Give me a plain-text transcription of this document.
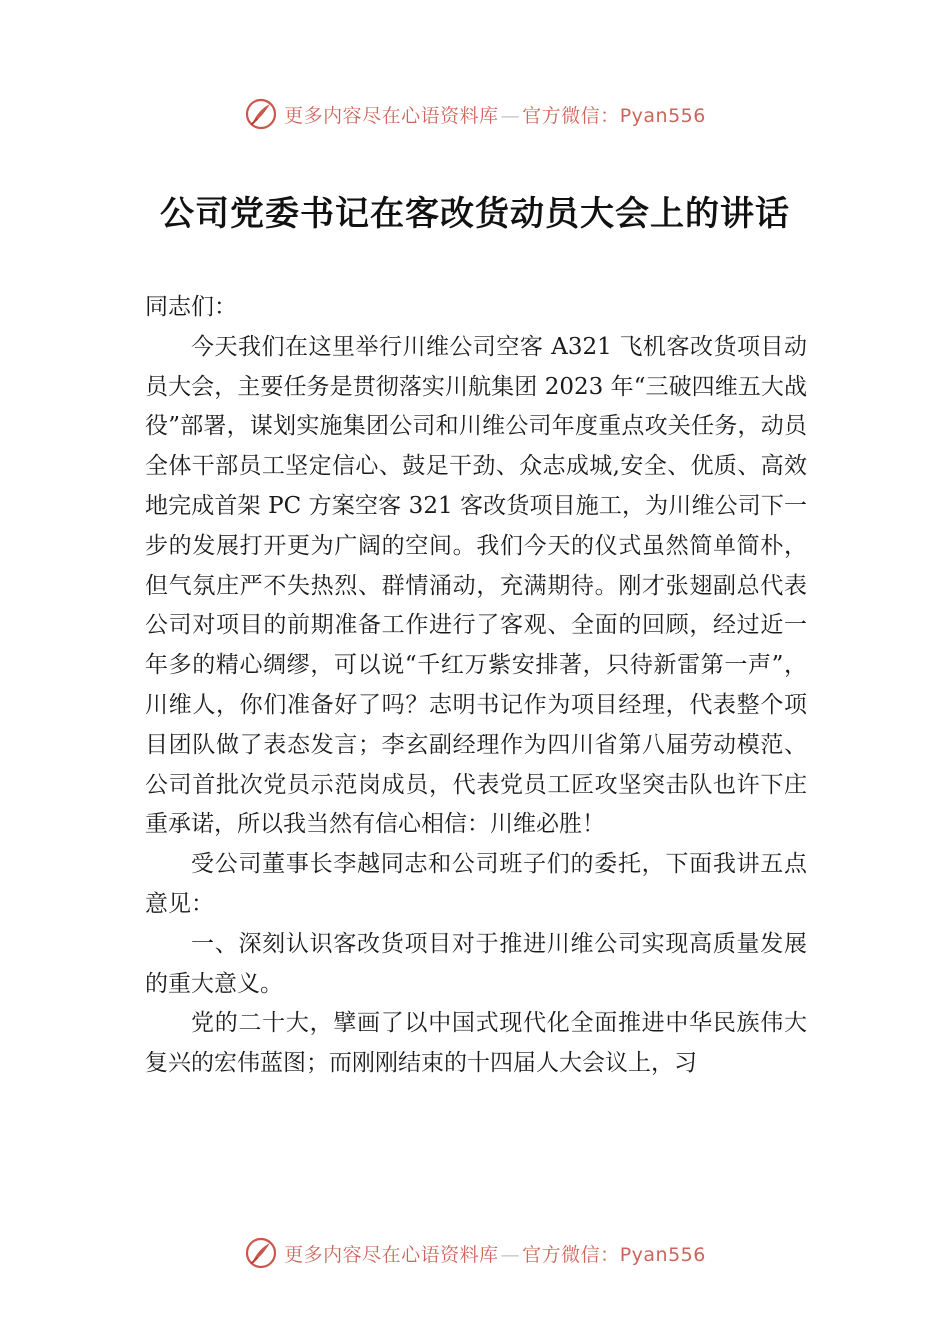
更多内容尽在心语资料库 — 官方微信：Pyan556
公司党委书记在客改货动员大会上的讲话

同志们：

今天我们在这里举行川维公司空客 A321 飞机客改货项目动员大会，主要任务是贯彻落实川航集团 2023 年“三破四维五大战役”部署，谋划实施集团公司和川维公司年度重点攻关任务，动员全体干部员工坚定信心、鼓足干劲、众志成城,安全、优质、高效地完成首架 PC 方案空客 321 客改货项目施工，为川维公司下一步的发展打开更为广阔的空间。我们今天的仪式虽然简单简朴，但气氛庄严不失热烈、群情涌动，充满期待。刚才张翅副总代表公司对项目的前期准备工作进行了客观、全面的回顾，经过近一年多的精心绸缪，可以说“千红万紫安排著，只待新雷第一声”，川维人，你们准备好了吗？志明书记作为项目经理，代表整个项目团队做了表态发言；李玄副经理作为四川省第八届劳动模范、公司首批次党员示范岗成员，代表党员工匠攻坚突击队也许下庄重承诺，所以我当然有信心相信：川维必胜！

受公司董事长李越同志和公司班子们的委托，下面我讲五点意见：

一、深刻认识客改货项目对于推进川维公司实现高质量发展的重大意义。

党的二十大，擘画了以中国式现代化全面推进中华民族伟大复兴的宏伟蓝图；而刚刚结束的十四届人大会议上，习

更多内容尽在心语资料库 — 官方微信：Pyan556
